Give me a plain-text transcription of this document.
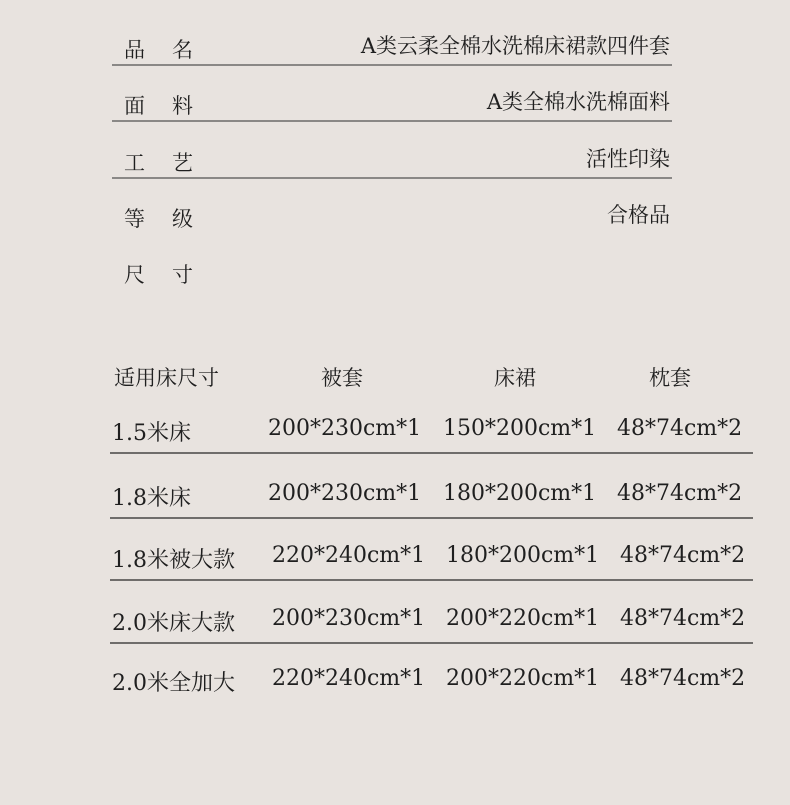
品 名	A类云柔全棉水洗棉床裙款四件套
面 料	A类全棉水洗棉面料
工 艺	活性印染
等 级	合格品
尺 寸
适用床尺寸	被套	床裙	枕套
1.5米床	200*230cm*1 150*200cm*1 48*74cm*2
1.8米床	200*230cm*1 180*200cm*1 48*74cm*2
1.8米被大款 220*240cm*1 180*200cm*1 48*74cm*2
2.0米床大款 200*230cm*1 200*220cm*1 48*74cm*2
2.0米全加大 220*240cm*1 200*220cm*1 48*74cm*2
